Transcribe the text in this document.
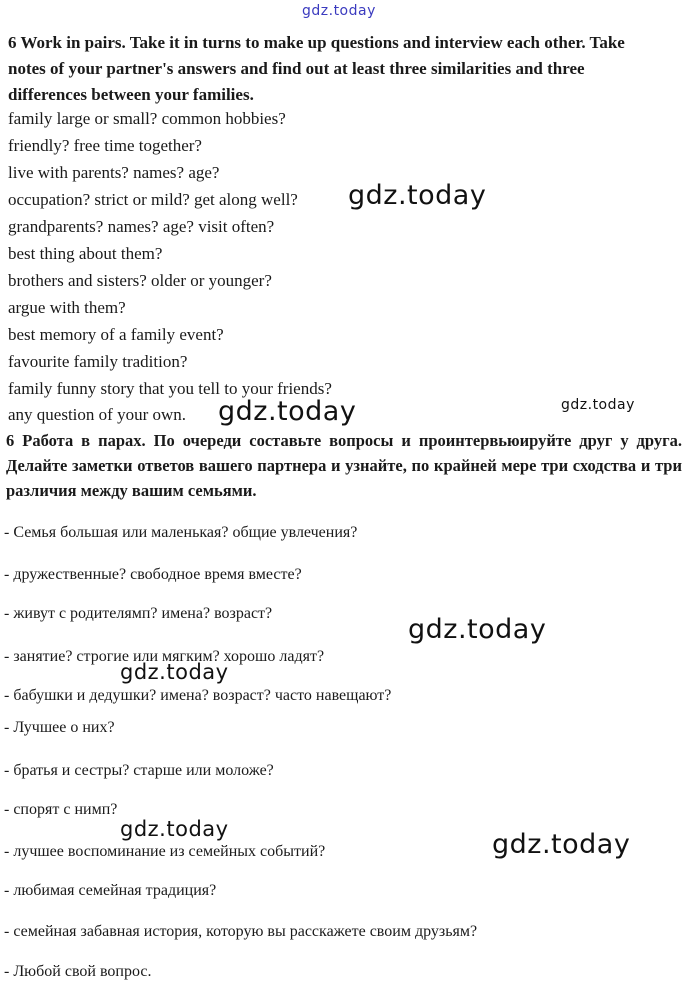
gdz.today
6 Work in pairs. Take it in turns to make up questions and interview each other. Take notes of your partner's answers and find out at least three similarities and three differences between your families.
family large or small? common hobbies?
friendly? free time together?
live with parents? names? age?
occupation? strict or mild? get along well?
grandparents? names? age? visit often?
best thing about them?
brothers and sisters? older or younger?
argue with them?
best memory of a family event?
favourite family tradition?
family funny story that you tell to your friends?
any question of your own.
6 Работа в парах. По очереди составьте вопросы и проинтервьюируйте друг у друга. Делайте заметки ответов вашего партнера и узнайте, по крайней мере три сходства и три различия между вашим семьями.
- Семья большая или маленькая? общие увлечения?
- дружественные? свободное время вместе?
- живут с родителямп? имена? возраст?
- занятие? строгие или мягким? хорошо ладят?
- бабушки и дедушки? имена? возраст? часто навещают?
- Лучшее о них?
- братья и сестры? старше или моложе?
- спорят с нимп?
- лучшее воспоминание из семейных событий?
- любимая семейная традиция?
- семейная забавная история, которую вы расскажете своим друзьям?
- Любой свой вопрос.
gdz.today
gdz.today	gdz.today
gdz.today
gdz.today
gdz.today	gdz.today
